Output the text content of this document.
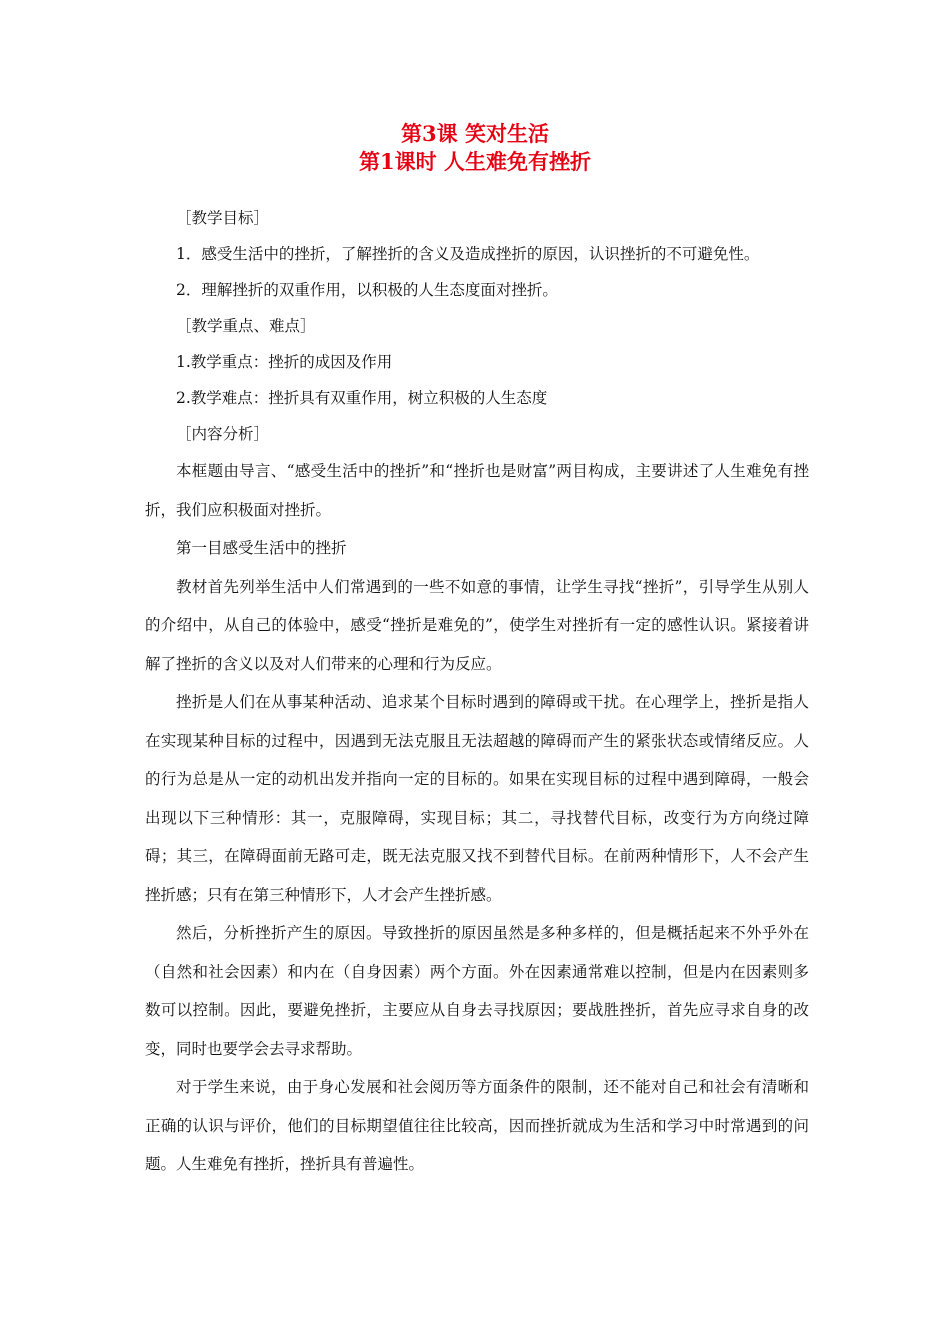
第3课 笑对生活
第1课时 人生难免有挫折

［教学目标］

1．感受生活中的挫折，了解挫折的含义及造成挫折的原因，认识挫折的不可避免性。

2．理解挫折的双重作用，以积极的人生态度面对挫折。

［教学重点、难点］

1.教学重点：挫折的成因及作用

2.教学难点：挫折具有双重作用，树立积极的人生态度

［内容分析］

本框题由导言、“感受生活中的挫折”和“挫折也是财富”两目构成，主要讲述了人生难免有挫折，我们应积极面对挫折。

第一目感受生活中的挫折

教材首先列举生活中人们常遇到的一些不如意的事情，让学生寻找“挫折”，引导学生从别人的介绍中，从自己的体验中，感受“挫折是难免的”，使学生对挫折有一定的感性认识。紧接着讲解了挫折的含义以及对人们带来的心理和行为反应。

挫折是人们在从事某种活动、追求某个目标时遇到的障碍或干扰。在心理学上，挫折是指人在实现某种目标的过程中，因遇到无法克服且无法超越的障碍而产生的紧张状态或情绪反应。人的行为总是从一定的动机出发并指向一定的目标的。如果在实现目标的过程中遇到障碍，一般会出现以下三种情形：其一，克服障碍，实现目标；其二，寻找替代目标，改变行为方向绕过障碍；其三，在障碍面前无路可走，既无法克服又找不到替代目标。在前两种情形下，人不会产生挫折感；只有在第三种情形下，人才会产生挫折感。

然后，分析挫折产生的原因。导致挫折的原因虽然是多种多样的，但是概括起来不外乎外在（自然和社会因素）和内在（自身因素）两个方面。外在因素通常难以控制，但是内在因素则多数可以控制。因此，要避免挫折，主要应从自身去寻找原因；要战胜挫折，首先应寻求自身的改变，同时也要学会去寻求帮助。

对于学生来说，由于身心发展和社会阅历等方面条件的限制，还不能对自己和社会有清晰和正确的认识与评价，他们的目标期望值往往比较高，因而挫折就成为生活和学习中时常遇到的问题。人生难免有挫折，挫折具有普遍性。
